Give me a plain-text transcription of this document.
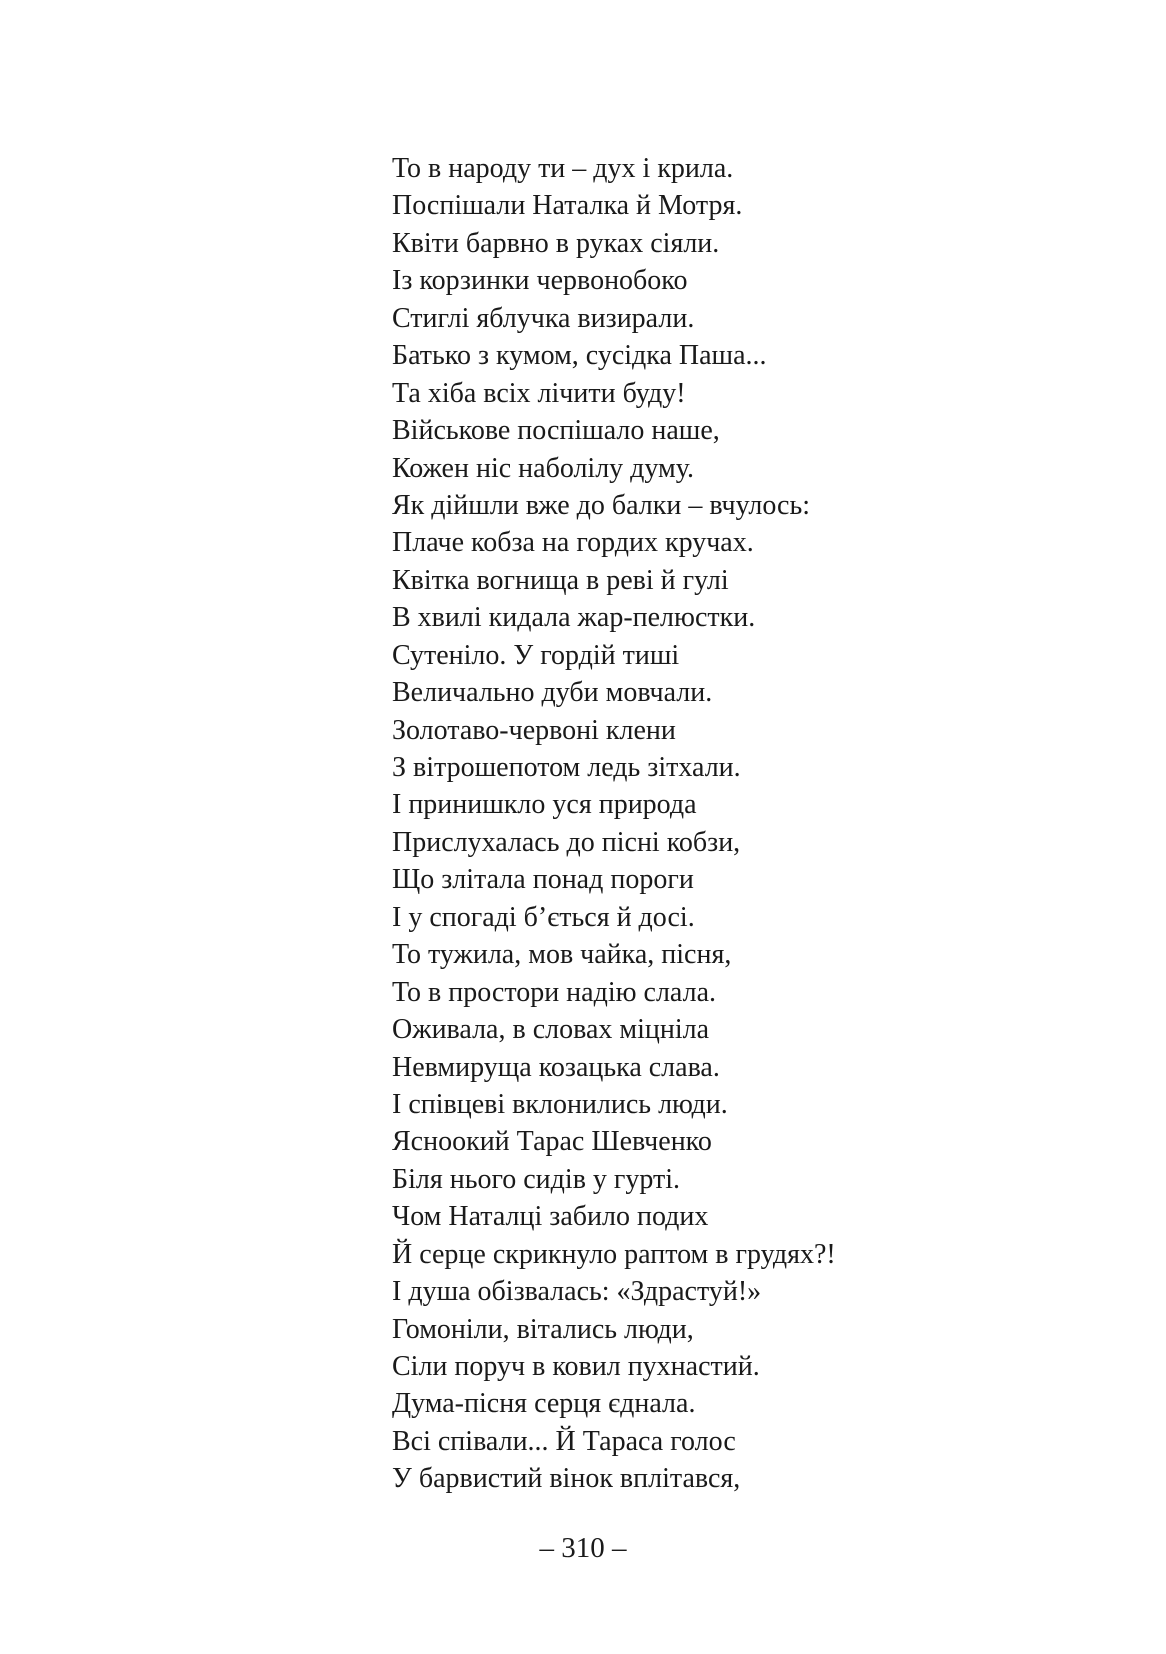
То в народу ти – дух і крила.
Поспішали Наталка й Мотря.
Квіти барвно в руках сіяли.
Із корзинки червонобоко
Стиглі яблучка визирали.
Батько з кумом, сусідка Паша...
Та хіба всіх лічити буду!
Військове поспішало наше,
Кожен ніс наболілу думу.
Як дійшли вже до балки – вчулось:
Плаче кобза на гордих кручах.
Квітка вогнища в реві й гулі
В хвилі кидала жар-пелюстки.
Сутеніло. У гордій тиші
Величально дуби мовчали.
Золотаво-червоні клени
З вітрошепотом ледь зітхали.
І принишкло уся природа
Прислухалась до пісні кобзи,
Що злітала понад пороги
І у спогаді б’ється й досі.
То тужила, мов чайка, пісня,
То в простори надію слала.
Оживала, в словах міцніла
Невмируща козацька слава.
І співцеві вклонились люди.
Ясноокий Тарас Шевченко
Біля нього сидів у гурті.
Чом Наталці забило подих
Й серце скрикнуло раптом в грудях?!
І душа обізвалась: «Здрастуй!»
Гомоніли, вітались люди,
Сіли поруч в ковил пухнастий.
Дума-пісня серця єднала.
Всі співали... Й Тараса голос
У барвистий вінок вплітався,
– 310 –
